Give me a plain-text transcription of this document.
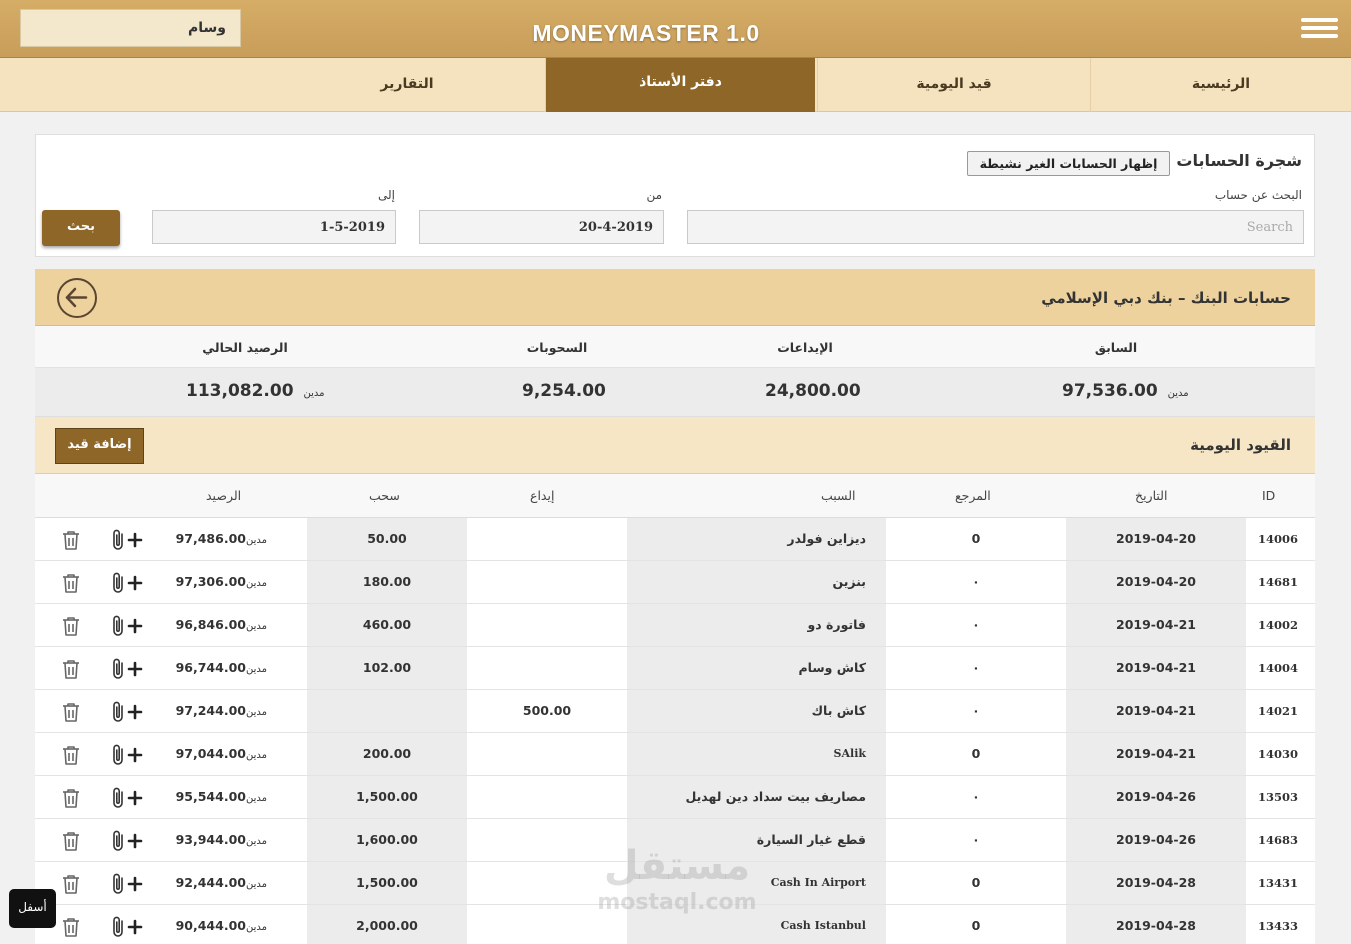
وسام	MONEYMASTER 1.0
الرئيسية
قيد اليومية
دفتر الأستاذ
التقارير
شجرة الحسابات
إظهار الحسابات الغير نشيطة
البحث عن حساب
Search
من
20-4-2019
إلى
1-5-2019
بحث
حسابات البنك – بنك دبي الإسلامي
السابق
الإيداعات
السحوبات
الرصيد الحالي
مدين 97,536.00
24,800.00
9,254.00
مدين 113,082.00
القيود اليومية
إضافة قيد
ID
التاريخ
المرجع
السبب
إيداع
سحب
الرصيد
14006
2019-04-20
0
ديزاين فولدر
50.00
مدين97,486.00
14681
2019-04-20
٠
بنزين
180.00
مدين97,306.00
14002
2019-04-21
٠
فاتورة دو
460.00
مدين96,846.00
14004
2019-04-21
٠
كاش وسام
102.00
مدين96,744.00
14021
2019-04-21
٠
كاش باك
500.00
مدين97,244.00
14030
2019-04-21
0
SAlik
200.00
مدين97,044.00
13503
2019-04-26
٠
مصاريف بيت سداد دين لهديل
1,500.00
مدين95,544.00
14683
2019-04-26
٠
قطع غيار السيارة
1,600.00
مدين93,944.00
13431
2019-04-28
0
Cash In Airport
1,500.00
مدين92,444.00
13433
2019-04-28
0
Cash Istanbul
2,000.00
مدين90,444.00
مستقل
mostaql.com
أسفل
